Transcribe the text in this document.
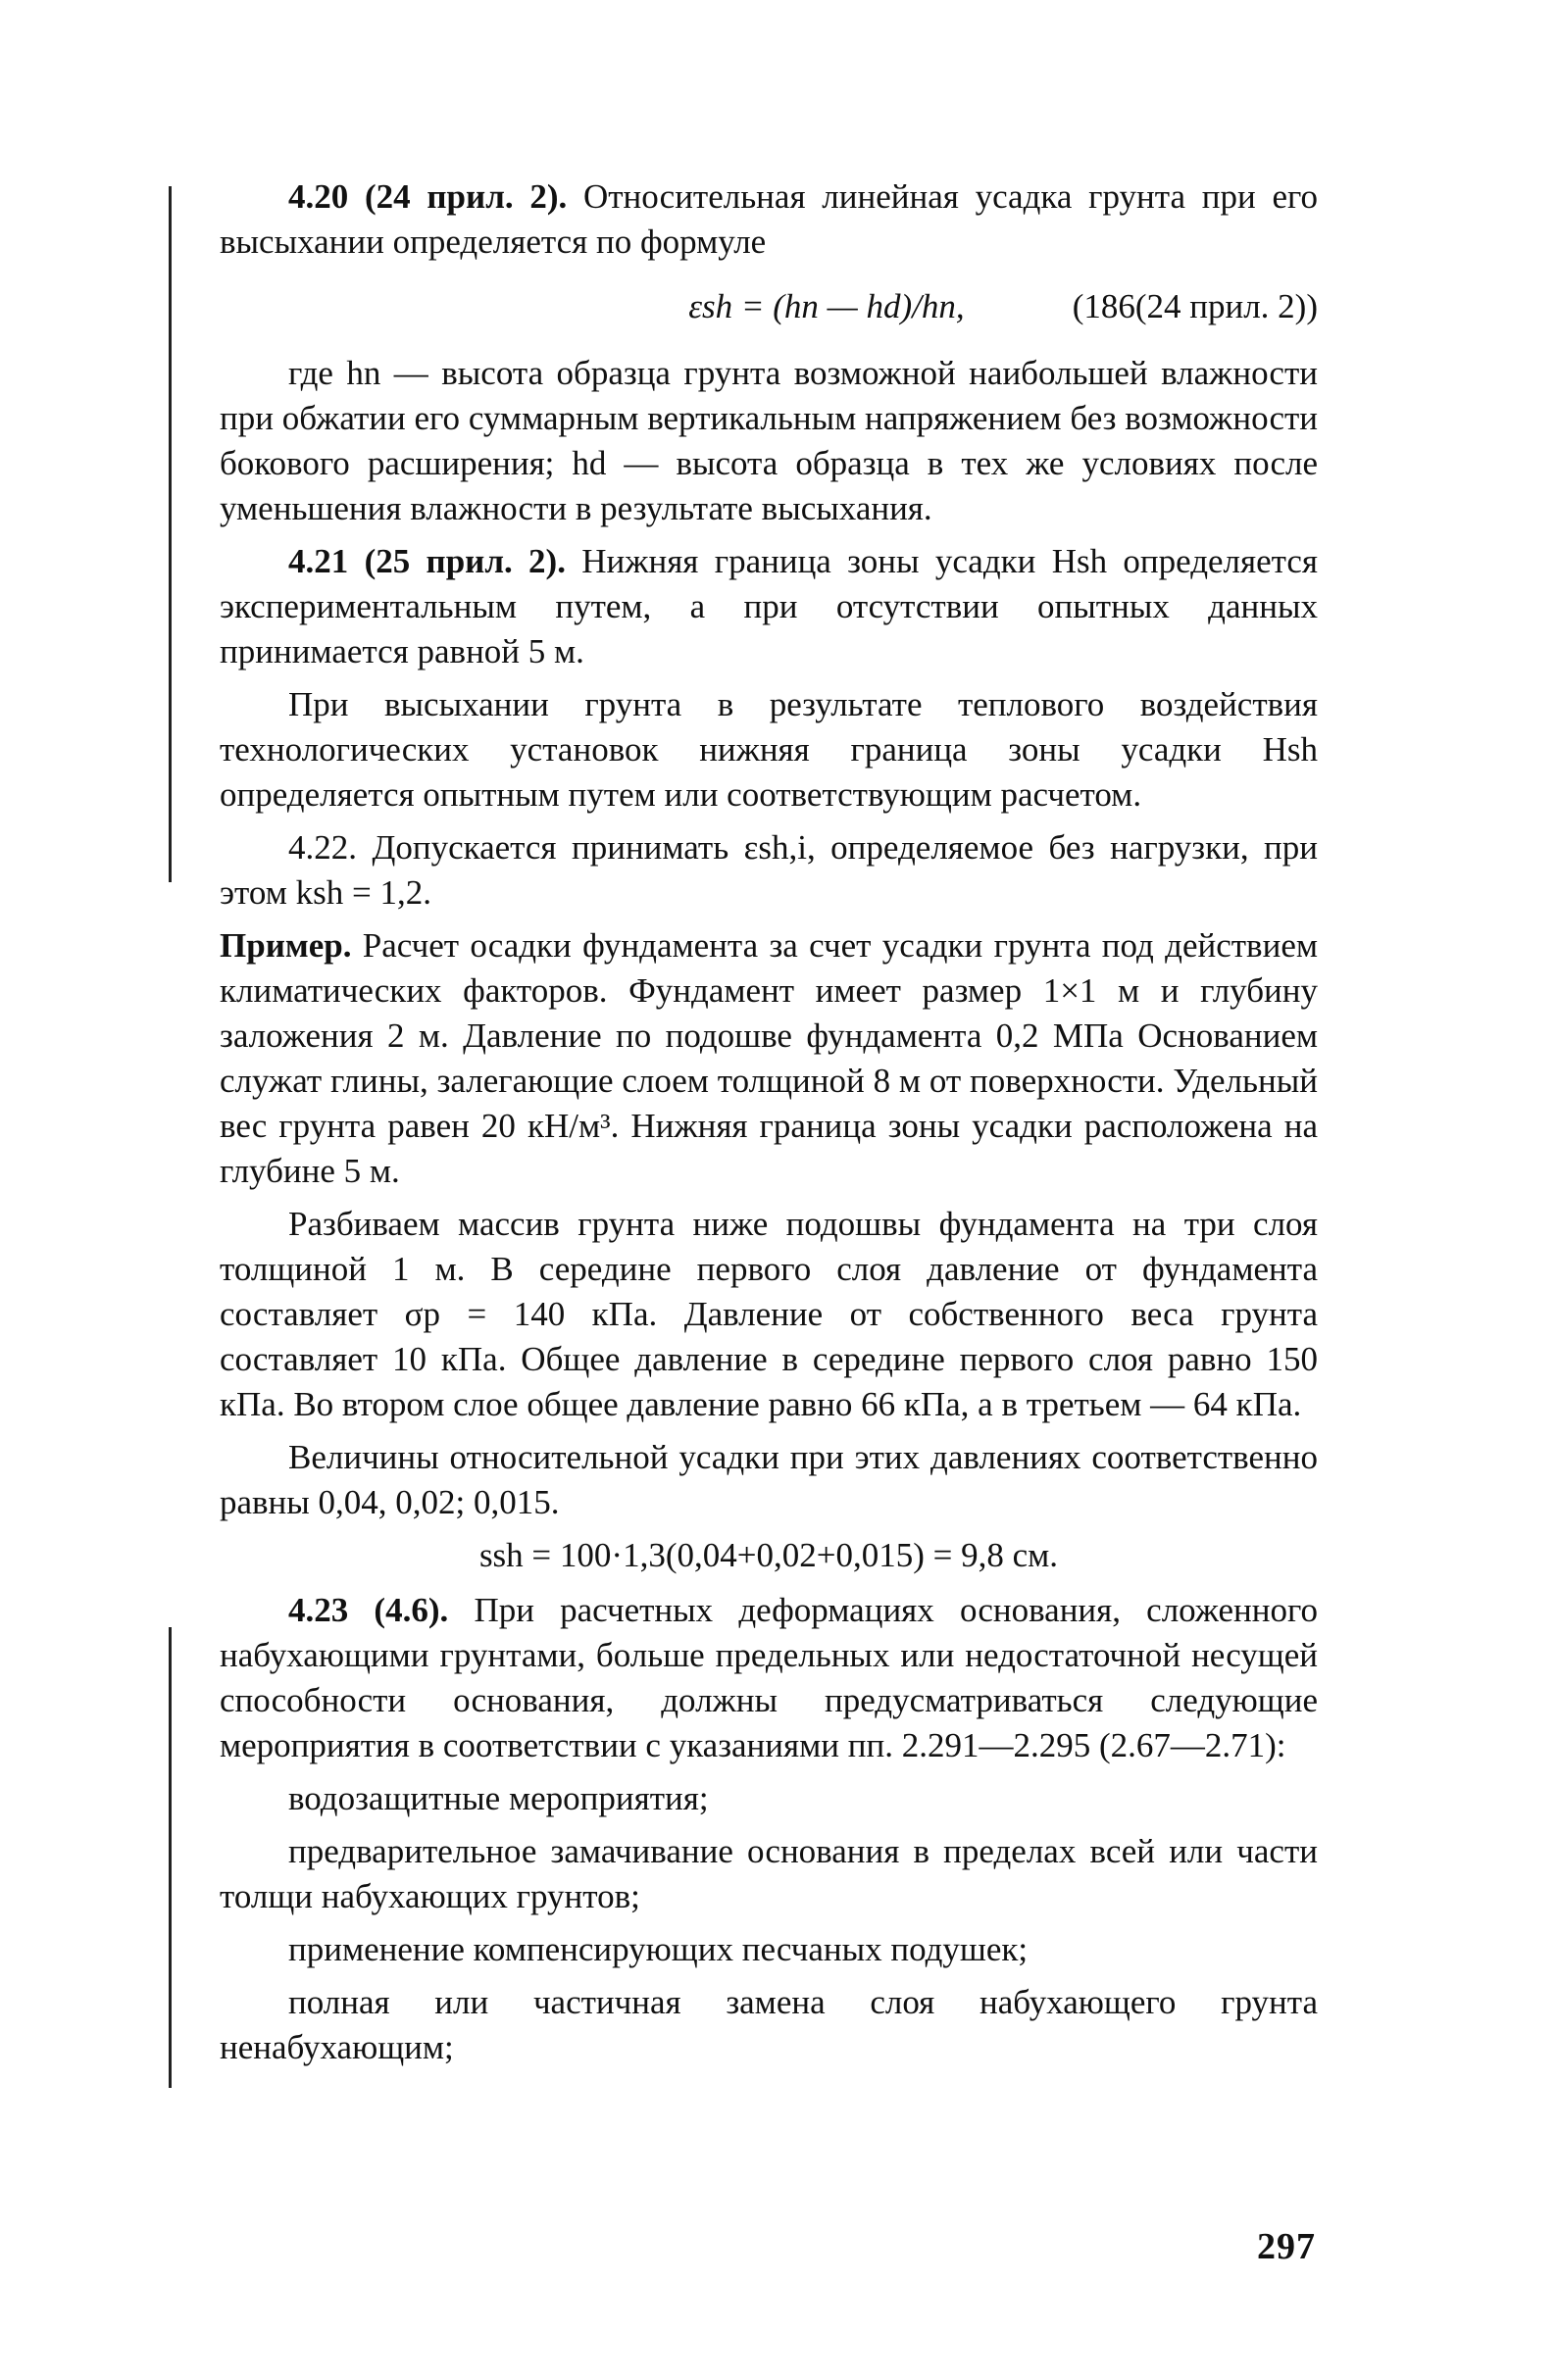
4.20 (24 прил. 2). Относительная линейная усадка грунта при его высыхании определяется по формуле

εsh = (hn — hd)/hn,	(186(24 прил. 2))

где hn — высота образца грунта возможной наибольшей влажности при обжатии его суммарным вертикальным напряжением без возможности бокового расширения; hd — высота образца в тех же условиях после уменьшения влажности в результате высыхания.

4.21 (25 прил. 2). Нижняя граница зоны усадки Hsh определяется экспериментальным путем, а при отсутствии опытных данных принимается равной 5 м.

При высыхании грунта в результате теплового воздействия технологических установок нижняя граница зоны усадки Hsh определяется опытным путем или соответствующим расчетом.

4.22. Допускается принимать εsh,i, определяемое без нагрузки, при этом ksh = 1,2.

Пример. Расчет осадки фундамента за счет усадки грунта под действием климатических факторов. Фундамент имеет размер 1×1 м и глубину заложения 2 м. Давление по подошве фундамента 0,2 МПа Основанием служат глины, залегающие слоем толщиной 8 м от поверхности. Удельный вес грунта равен 20 кН/м³. Нижняя граница зоны усадки расположена на глубине 5 м.

Разбиваем массив грунта ниже подошвы фундамента на три слоя толщиной 1 м. В середине первого слоя давление от фундамента составляет σp = 140 кПа. Давление от собственного веса грунта составляет 10 кПа. Общее давление в середине первого слоя равно 150 кПа. Во втором слое общее давление равно 66 кПа, а в третьем — 64 кПа.

Величины относительной усадки при этих давлениях соответственно равны 0,04, 0,02; 0,015.

ssh = 100·1,3(0,04+0,02+0,015) = 9,8 см.

4.23 (4.6). При расчетных деформациях основания, сложенного набухающими грунтами, больше предельных или недостаточной несущей способности основания, должны предусматриваться следующие мероприятия в соответствии с указаниями пп. 2.291—2.295 (2.67—2.71):

водозащитные мероприятия;

предварительное замачивание основания в пределах всей или части толщи набухающих грунтов;

применение компенсирующих песчаных подушек;

полная или частичная замена слоя набухающего грунта ненабухающим;

297
